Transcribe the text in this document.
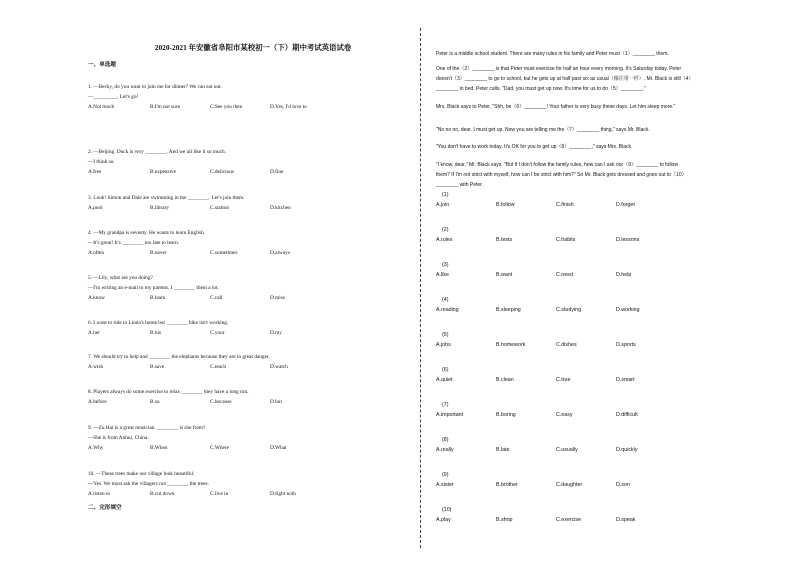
2020-2021 年安徽省阜阳市某校初一（下）期中考试英语试卷
一、单选题
1. —Becky, do you want to join me for dinner? We can eat out.
—_________. Let's go!
A.Not much	B.I'm not sure	C.See you then	D.Yes, I'd love to
2. —Beijing. Duck is very ________. And we all like it so much.
—I think so.
A.free	B.expensive	C.delicious	D.fine
3. Look! Simon and Dale are swimming in the ________. Let's join them.
A.pool	B.library	C.station	D.kitchen
4. —My grandpa is seventy. He wants to learn English.
—It's great! It's ________ too late to learn.
A.often	B.never	C.sometimes	D.always
5. —Lily, what are you doing?
—I'm writing an e-mail to my parents. I ________ them a lot.
A.know	B.learn	C.call	D.miss
6. I want to ride to Linda's home but ________ bike isn't working.
A.her	B.his	C.your	D.my
7. We should try to help and ________ the elephants because they are in great danger.
A.wish	B.save	C.teach	D.watch
8. Players always do some exercise to relax ________ they have a long run.
A.before	B.so	C.because	D.but
9. —Zu Hai is a great musician. ________ is she from?
—She is from Anhui, China.
A.Why	B.When	C.Where	D.What
10. —These trees make our village look beautiful.
—Yes. We must ask the villagers not ________ the trees.
A.listen to	B.cut down	C.live in	D.fight with
二、完形填空
Peter is a middle school student. There are many rules in his family and Peter must（1）________ them.
One of the（2）________ is that Peter must exercise for half an hour every morning. It's Saturday today. Peter
doesn't（3）________ to go to school, but he gets up at half past six as usual（像往常一样）. Mr. Black is still（4）
________ in bed. Peter calls, "Dad, you must get up now. It's time for us to do（5）________."
Mrs. Black says to Peter, "Shh, be（6）________! Your father is very busy these days. Let him sleep more."
"No no no, dear. I must get up. Now you are telling me the（7）________ thing," says Mr. Black.
"You don't have to work today. It's OK for you to get up（8）________," says Mrs. Black.
"I know, dear," Mr. Black says. "But if I don't follow the family rules, how can I ask our（9）________ to follow
them? If I'm not strict with myself, how can I be strict with him?" So Mr. Black gets dressed and goes out to（10）
________ with Peter.
(1)
A.join	B.follow	C.finish	D.forget
(2)
A.rules	B.tests	C.habits	D.lessons
(3)
A.like	B.want	C.need	D.help
(4)
A.reading	B.sleeping	C.studying	D.working
(5)
A.jobs	B.homework	C.dishes	D.sports
(6)
A.quiet	B.clean	C.true	D.smart
(7)
A.important	B.boring	C.easy	D.difficult
(8)
A.really	B.late	C.usually	D.quickly
(9)
A.sister	B.brother	C.daughter	D.son
(10)
A.play	B.shop	C.exercise	D.speak
